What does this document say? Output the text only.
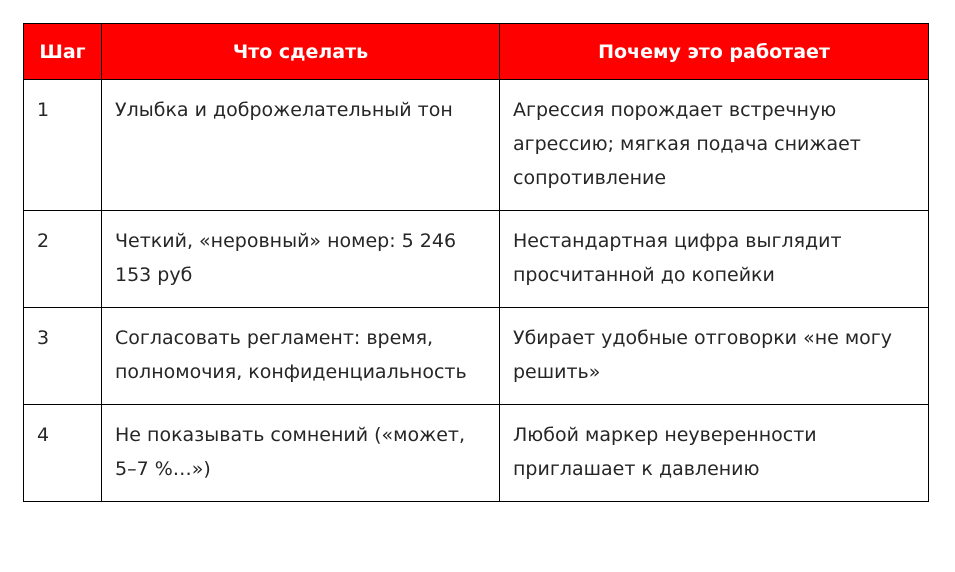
Шаг	Что сделать	Почему это работает
1	Улыбка и доброжелательный тон	Агрессия порождает встречную агрессию; мягкая подача снижает сопротивление
2	Четкий, «неровный» номер: 5 246 153 руб	Нестандартная цифра выглядит просчитанной до копейки
3	Согласовать регламент: время, полномочия, конфиденциальность	Убирает удобные отговорки «не могу решить»
4	Не показывать сомнений («может, 5–7 %…»)	Любой маркер неуверенности приглашает к давлению
